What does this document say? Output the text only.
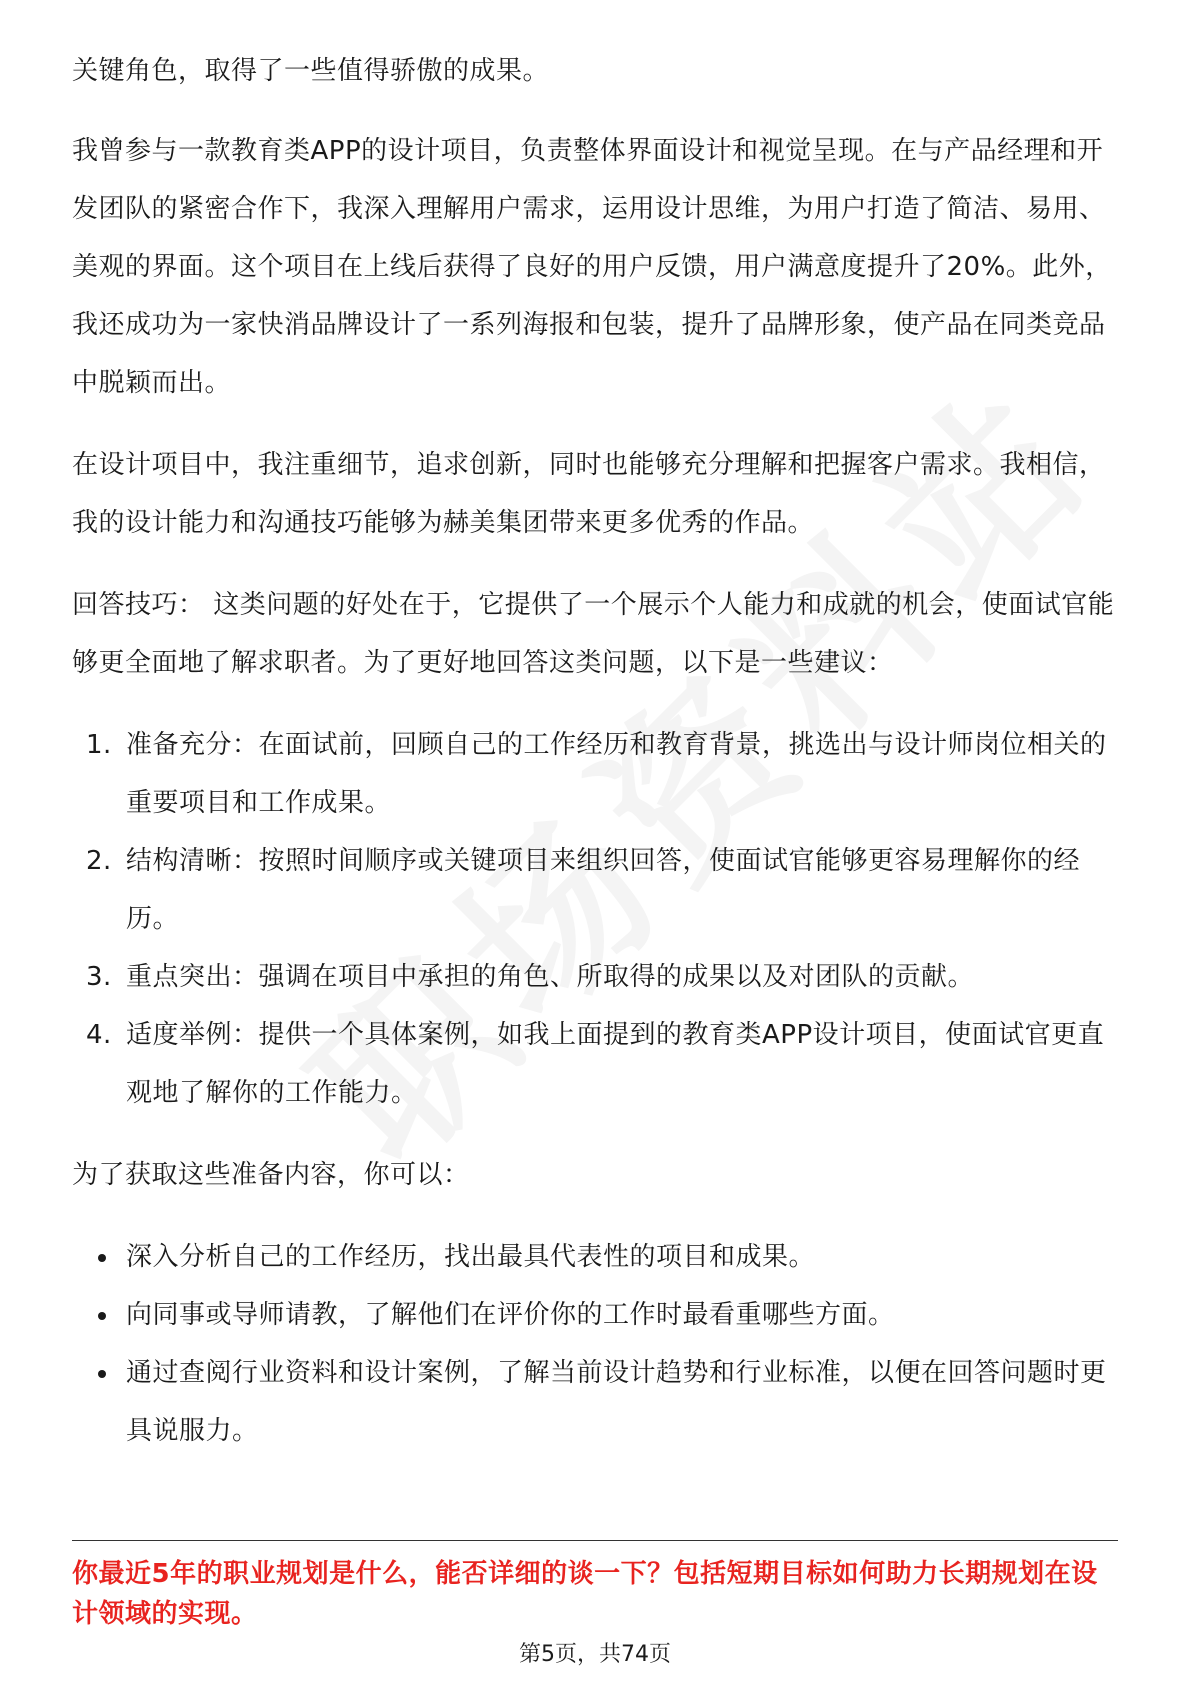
关键角色，取得了一些值得骄傲的成果。

我曾参与一款教育类APP的设计项目，负责整体界面设计和视觉呈现。在与产品经理和开发团队的紧密合作下，我深入理解用户需求，运用设计思维，为用户打造了简洁、易用、美观的界面。这个项目在上线后获得了良好的用户反馈，用户满意度提升了20%。此外，我还成功为一家快消品牌设计了一系列海报和包装，提升了品牌形象，使产品在同类竞品中脱颖而出。

在设计项目中，我注重细节，追求创新，同时也能够充分理解和把握客户需求。我相信，我的设计能力和沟通技巧能够为赫美集团带来更多优秀的作品。

回答技巧： 这类问题的好处在于，它提供了一个展示个人能力和成就的机会，使面试官能够更全面地了解求职者。为了更好地回答这类问题，以下是一些建议：

1. 准备充分：在面试前，回顾自己的工作经历和教育背景，挑选出与设计师岗位相关的重要项目和工作成果。
2. 结构清晰：按照时间顺序或关键项目来组织回答，使面试官能够更容易理解你的经历。
3. 重点突出：强调在项目中承担的角色、所取得的成果以及对团队的贡献。
4. 适度举例：提供一个具体案例，如我上面提到的教育类APP设计项目，使面试官更直观地了解你的工作能力。

为了获取这些准备内容，你可以：

深入分析自己的工作经历，找出最具代表性的项目和成果。
向同事或导师请教，了解他们在评价你的工作时最看重哪些方面。
通过查阅行业资料和设计案例，了解当前设计趋势和行业标准，以便在回答问题时更具说服力。

你最近5年的职业规划是什么，能否详细的谈一下？包括短期目标如何助力长期规划在设计领域的实现。

第5页，共74页
